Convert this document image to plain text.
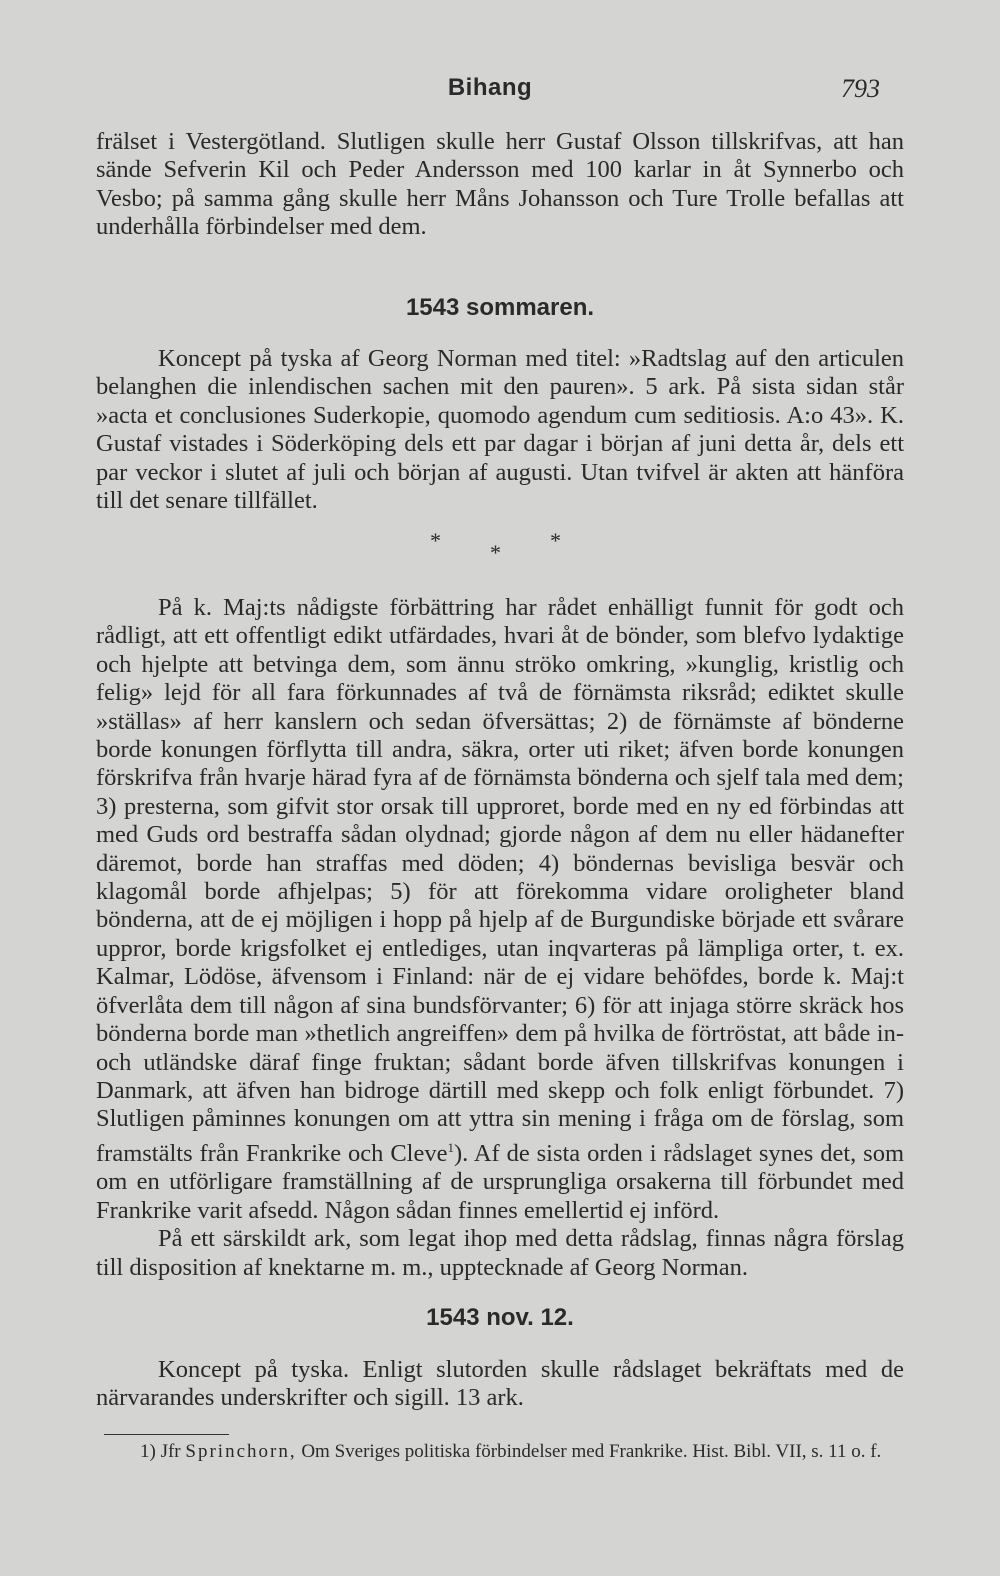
Bihang	793

frälset i Vestergötland. Slutligen skulle herr Gustaf Olsson tillskrifvas, att han sände Sefverin Kil och Peder Andersson med 100 karlar in åt Synnerbo och Vesbo; på samma gång skulle herr Måns Johansson och Ture Trolle befallas att underhålla förbindelser med dem.

1543 sommaren.

Koncept på tyska af Georg Norman med titel: »Radtslag auf den articulen belanghen die inlendischen sachen mit den pauren». 5 ark. På sista sidan står »acta et conclusiones Suderkopie, quomodo agendum cum seditiosis. A:o 43». K. Gustaf vistades i Söderköping dels ett par dagar i början af juni detta år, dels ett par veckor i slutet af juli och början af augusti. Utan tvifvel är akten att hänföra till det senare tillfället.

* * *

På k. Maj:ts nådigste förbättring har rådet enhälligt funnit för godt och rådligt, att ett offentligt edikt utfärdades, hvari åt de bönder, som blefvo lydaktige och hjelpte att betvinga dem, som ännu strökо omkring, »kunglig, kristlig och felig» lejd för all fara förkunnades af två de förnämsta riksråd; ediktet skulle »ställas» af herr kanslern och sedan öfversättas; 2) de förnämste af bönderne borde konungen förflytta till andra, säkra, orter uti riket; äfven borde konungen förskrifva från hvarje härad fyra af de förnämsta bönderna och sjelf tala med dem; 3) presterna, som gifvit stor orsak till upproret, borde med en ny ed förbindas att med Guds ord bestraffa sådan olydnad; gjorde någon af dem nu eller hädanefter däremot, borde han straffas med döden; 4) böndernas bevisliga besvär och klagomål borde afhjelpas; 5) för att förekomma vidare oroligheter bland bönderna, att de ej möjligen i hopp på hjelp af de Burgundiske började ett svårare uppror, borde krigsfolket ej entlediges, utan inqvarteras på lämpliga orter, t. ex. Kalmar, Lödöse, äfvensom i Finland: när de ej vidare behöfdes, borde k. Maj:t öfverlåta dem till någon af sina bundsförvanter; 6) för att injaga större skräck hos bönderna borde man »thetlich angreiffen» dem på hvilka de förtröstat, att både in- och utländske däraf finge fruktan; sådant borde äfven tillskrifvas konungen i Danmark, att äfven han bidroge därtill med skepp och folk enligt förbundet. 7) Slutligen påminnes konungen om att yttra sin mening i fråga om de förslag, som framstälts från Frankrike och Cleve$^1$). Af de sista orden i rådslaget synes det, som om en utförligare framställning af de ursprungliga orsakerna till förbundet med Frankrike varit afsedd. Någon sådan finnes emellertid ej införd.

På ett särskildt ark, som legat ihop med detta rådslag, finnas några förslag till disposition af knektarne m. m., upptecknade af Georg Norman.

1543 nov. 12.

Koncept på tyska. Enligt slutorden skulle rådslaget bekräftats med de närvarandes underskrifter och sigill. 13 ark.

1) Jfr Sprinchorn, Om Sveriges politiska förbindelser med Frankrike. Hist. Bibl. VII, s. 11 o. f.
